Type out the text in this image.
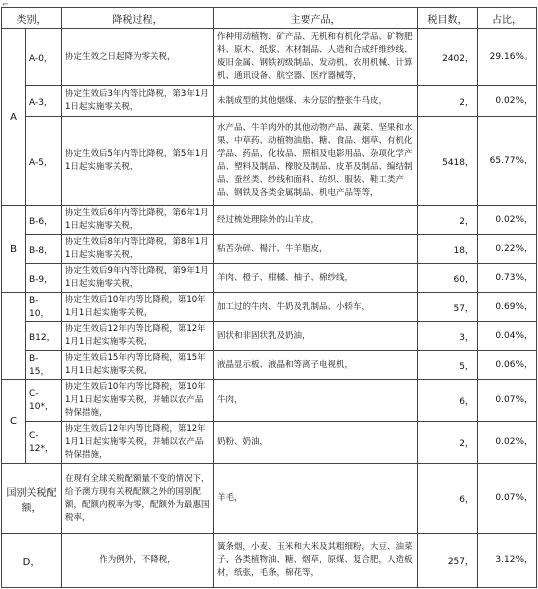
⌐
类别，		降税过程，	主要产品，	税目数，	占比，
A	A-0，	协定生效之日起降为零关税，	作种用动植物、矿产品、无机和有机化学品、矿物肥料、原木、纸浆、木材制品、人造和合成纤维纱线、废旧金属、钢铁初级制品、发动机、农用机械、计算机、通讯设备、航空器、医疗器械等，	2402，	29.16%。
	A-3，	协定生效后3年内等比降税，第3年1月1日起实施零关税，	未制成型的其他烟煤、未分层的整张牛马皮，	2，	0.02%，
	A-5，	协定生效后5年内等比降税，第5年1月1日起实施零关税，	水产品、牛羊肉外的其他动物产品、蔬菜、坚果和水果、中草药、动植物油脂、糖、食品、烟草、有机化学品、药品、化妆品、照相及电影用品、杂项化学产品、塑料及制品、橡胶及制品、皮革及制品、编结制品、蚕丝类、纱线和面料、纺织、服装、鞋工类产品、钢铁及各类金属制品、机电产品等等，	5418，	65.77%，
B	B-6，	协定生效后6年内等比降税，第6年1月1日起实施零关税，	经过梳处理除外的山羊皮，	2，	0.02%，
	B-8，	协定生效后8年内等比降税，第8年1月1日起实施零关税，	粘苦杂碎、楊汁、牛羊脂皮，	18，	0.22%，
	B-9，	协定生效后9年内等比降税，第9年1月1日起实施零关税，	羊肉、橙子、柑橘、柚子、棉纱线，	60，	0.73%，
	B-10，	协定生效后10年内等比降税，第10年1月1日起实施零关税，	加工过的牛肉、牛奶及乳制品、小轿车，	57，	0.69%，
	B12，	协定生效后12年内等比降税，第12年1月1日起实施零关税，	固状和非固状乳及奶油，	3，	0.04%，
	B-15，	协定生效后15年内等比降税，第15年1月1日起实施零关税，	液晶显示板、液晶和等离子电视机，	5，	0.06%，
C	C-10*，	协定生效后10年内等比降税，第10年1月1日起实施零关税，并辅以农产品特保措施，	牛肉，	6，	0.07%，
	C-12*，	协定生效后12年内等比降税，第12年1月1日起实施零关税，并辅以农产品特保措施，	奶粉、奶油，	2，	0.02%，
国别关税配额，		在现有全球关税配额量不变的情况下，给予澳方现有关税配额之外的国别配额，配额内税率为零，配额外为最惠国税率，	羊毛，	6，	0.07%，
D，		作为例外，不降税，	簧条烟，小麦、玉米和大米及其粗细粉，大豆、油菜子、各类植物油、糖、烟草，原煤、复合肥，人造板材，纸张，毛条，棉花等，	257，	3.12%，
